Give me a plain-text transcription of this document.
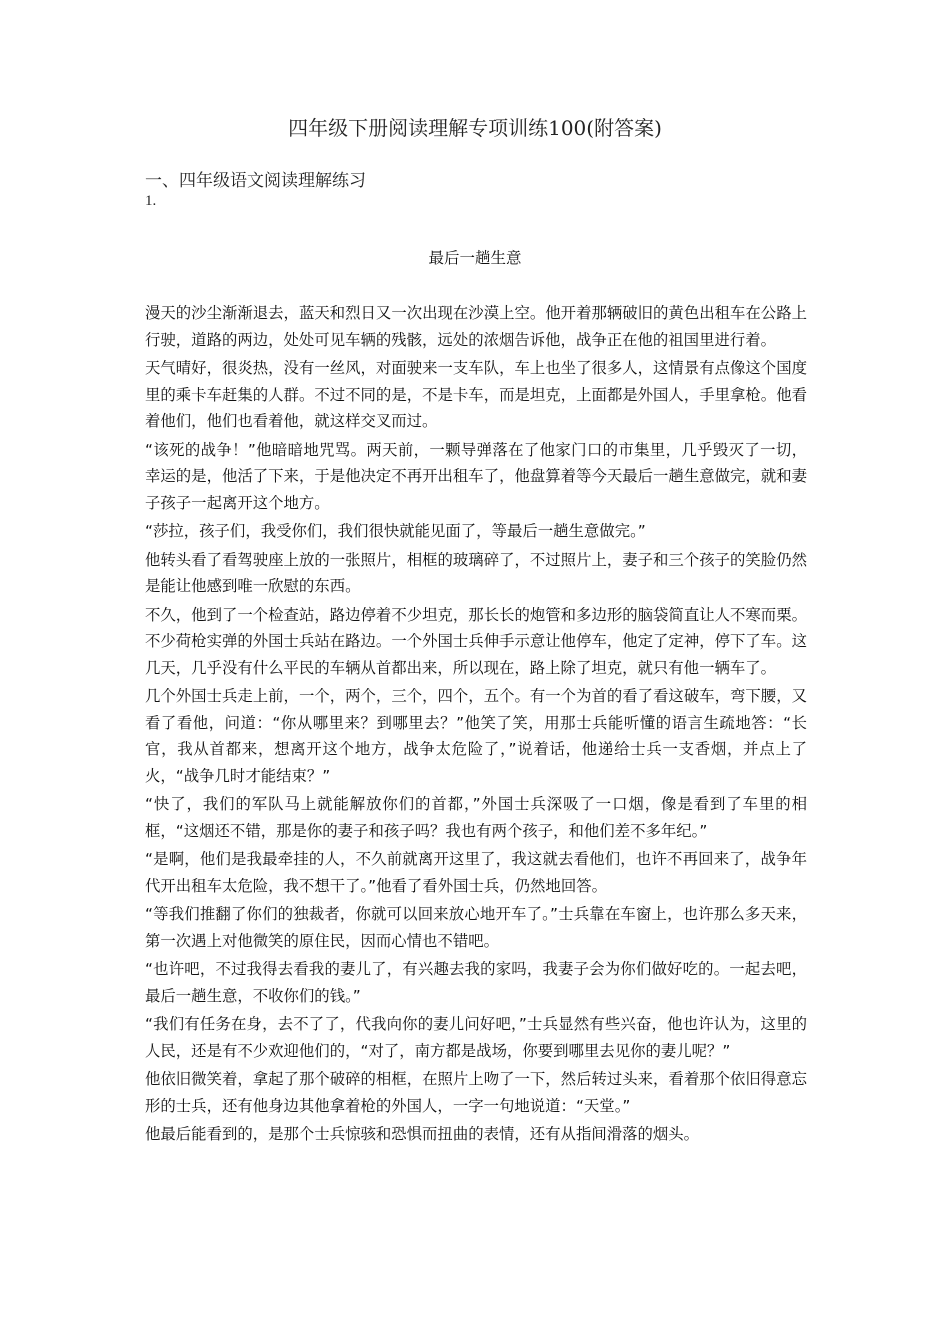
四年级下册阅读理解专项训练100(附答案)
一、四年级语文阅读理解练习
1.
最后一趟生意

漫天的沙尘渐渐退去，蓝天和烈日又一次出现在沙漠上空。他开着那辆破旧的黄色出租车在公路上行驶，道路的两边，处处可见车辆的残骸，远处的浓烟告诉他，战争正在他的祖国里进行着。

天气晴好，很炎热，没有一丝风，对面驶来一支车队，车上也坐了很多人，这情景有点像这个国度里的乘卡车赶集的人群。不过不同的是，不是卡车，而是坦克，上面都是外国人，手里拿枪。他看着他们，他们也看着他，就这样交叉而过。

“该死的战争！”他暗暗地咒骂。两天前，一颗导弹落在了他家门口的市集里，几乎毁灭了一切，幸运的是，他活了下来，于是他决定不再开出租车了，他盘算着等今天最后一趟生意做完，就和妻子孩子一起离开这个地方。

“莎拉，孩子们，我受你们，我们很快就能见面了，等最后一趟生意做完。”

他转头看了看驾驶座上放的一张照片，相框的玻璃碎了，不过照片上，妻子和三个孩子的笑脸仍然是能让他感到唯一欣慰的东西。

不久，他到了一个检查站，路边停着不少坦克，那长长的炮管和多边形的脑袋简直让人不寒而栗。不少荷枪实弹的外国士兵站在路边。一个外国士兵伸手示意让他停车，他定了定神，停下了车。这几天，几乎没有什么平民的车辆从首都出来，所以现在，路上除了坦克，就只有他一辆车了。

几个外国士兵走上前，一个，两个，三个，四个，五个。有一个为首的看了看这破车，弯下腰，又看了看他，问道：“你从哪里来？到哪里去？”他笑了笑，用那士兵能听懂的语言生疏地答：“长官，我从首都来，想离开这个地方，战争太危险了，”说着话，他递给士兵一支香烟，并点上了火，“战争几时才能结束？”

“快了，我们的军队马上就能解放你们的首都，”外国士兵深吸了一口烟，像是看到了车里的相框，“这烟还不错，那是你的妻子和孩子吗？我也有两个孩子，和他们差不多年纪。”

“是啊，他们是我最牵挂的人，不久前就离开这里了，我这就去看他们，也许不再回来了，战争年代开出租车太危险，我不想干了。”他看了看外国士兵，仍然地回答。

“等我们推翻了你们的独裁者，你就可以回来放心地开车了。”士兵靠在车窗上，也许那么多天来，第一次遇上对他微笑的原住民，因而心情也不错吧。

“也许吧，不过我得去看我的妻儿了，有兴趣去我的家吗，我妻子会为你们做好吃的。一起去吧，最后一趟生意，不收你们的钱。”

“我们有任务在身，去不了了，代我向你的妻儿问好吧，”士兵显然有些兴奋，他也许认为，这里的人民，还是有不少欢迎他们的，“对了，南方都是战场，你要到哪里去见你的妻儿呢？”

他依旧微笑着，拿起了那个破碎的相框，在照片上吻了一下，然后转过头来，看着那个依旧得意忘形的士兵，还有他身边其他拿着枪的外国人，一字一句地说道：“天堂。”

他最后能看到的，是那个士兵惊骇和恐惧而扭曲的表情，还有从指间滑落的烟头。
